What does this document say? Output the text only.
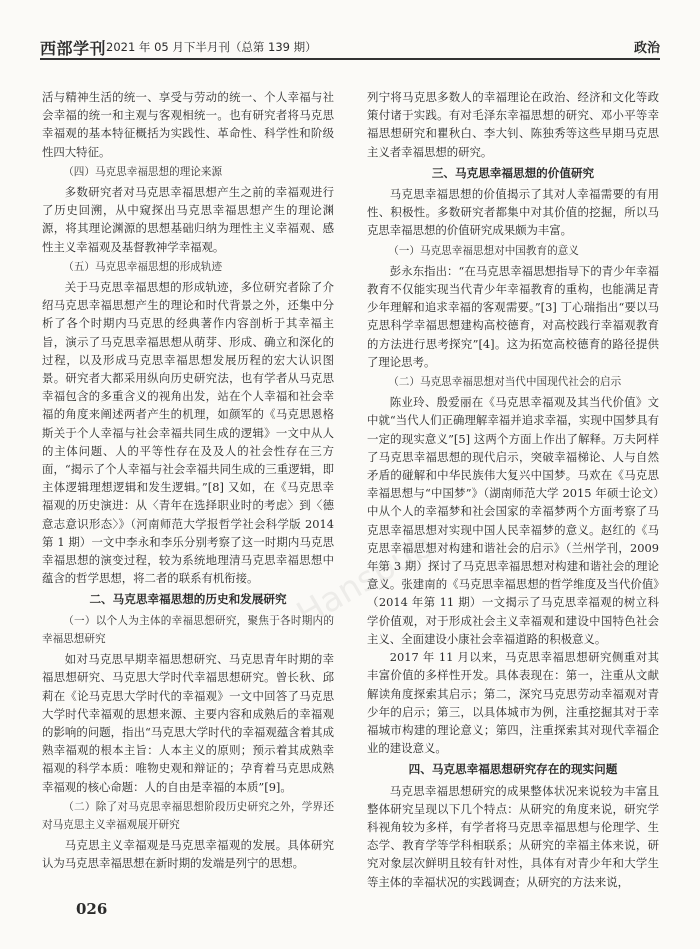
西部学刊 2021 年 05 月下半月刊（总第 139 期）	政治

活与精神生活的统一、享受与劳动的统一、个人幸福与社会幸福的统一和主观与客观相统一。也有研究者将马克思幸福观的基本特征概括为实践性、革命性、科学性和阶级性四大特征。

（四）马克思幸福思想的理论来源

多数研究者对马克思幸福思想产生之前的幸福观进行了历史回溯，从中窥探出马克思幸福思想产生的理论渊源，将其理论渊源的思想基础归纳为理性主义幸福观、感性主义幸福观及基督教神学幸福观。

（五）马克思幸福思想的形成轨迹

关于马克思幸福思想的形成轨迹，多位研究者除了介绍马克思幸福思想产生的理论和时代背景之外，还集中分析了各个时期内马克思的经典著作内容剖析于其幸福主旨，演示了马克思幸福思想从萌芽、形成、确立和深化的过程，以及形成马克思幸福思想发展历程的宏大认识图景。研究者大都采用纵向历史研究法，也有学者从马克思幸福包含的多重含义的视角出发，站在个人幸福和社会幸福的角度来阐述两者产生的机理，如颜军的《马克思恩格斯关于个人幸福与社会幸福共同生成的逻辑》一文中从人的主体问题、人的平等性存在及及人的社会性存在三方面，“揭示了个人幸福与社会幸福共同生成的三重逻辑，即主体逻辑理想逻辑和发生逻辑。”[8] 又如，在《马克思幸福观的历史演进：从〈青年在选择职业时的考虑〉到〈德意志意识形态〉》（河南师范大学报哲学社会科学版 2014 第 1 期）一文中李永和李乐分别考察了这一时期内马克思幸福思想的演变过程，较为系统地理清马克思幸福思想中蕴含的哲学思想，将二者的联系有机衔接。

二、马克思幸福思想的历史和发展研究

（一）以个人为主体的幸福思想研究，聚焦于各时期内的幸福思想研究

如对马克思早期幸福思想研究、马克思青年时期的幸福思想研究、马克思大学时代幸福思想研究。曾长秋、邱莉在《论马克思大学时代的幸福观》一文中回答了马克思大学时代幸福观的思想来源、主要内容和成熟后的幸福观的影响的问题，指出“马克思大学时代的幸福观蕴含着其成熟幸福观的根本主旨：人本主义的原则；预示着其成熟幸福观的科学本质：唯物史观和辩证的；孕育着马克思成熟幸福观的核心命题：人的自由是幸福的本质”[9]。

（二）除了对马克思幸福思想阶段历史研究之外，学界还对马克思主义幸福观展开研究

马克思主义幸福观是马克思幸福观的发展。具体研究认为马克思幸福思想在新时期的发端是列宁的思想。

列宁将马克思多数人的幸福理论在政治、经济和文化等政策付诸于实践。有对毛泽东幸福思想的研究、邓小平等幸福思想研究和瞿秋白、李大钊、陈独秀等这些早期马克思主义者幸福思想的研究。

三、马克思幸福思想的价值研究

马克思幸福思想的价值揭示了其对人幸福需要的有用性、积极性。多数研究者都集中对其价值的挖掘，所以马克思幸福思想的价值研究成果颇为丰富。

（一）马克思幸福思想对中国教育的意义

彭永东指出：“在马克思幸福思想指导下的青少年幸福教育不仅能实现当代青少年幸福教育的重构，也能满足青少年理解和追求幸福的客观需要。”[3] 丁心瑞指出“要以马克思科学幸福思想建构高校德育，对高校践行幸福观教育的方法进行思考探究”[4]。这为拓宽高校德育的路径提供了理论思考。

（二）马克思幸福思想对当代中国现代社会的启示

陈业玲、殷爱丽在《马克思幸福观及其当代价值》文中就“当代人们正确理解幸福并追求幸福，实现中国梦具有一定的现实意义”[5] 这两个方面上作出了解释。万夫阿样了马克思幸福思想的现代启示，突破幸福梯论、人与自然矛盾的碰解和中华民族伟大复兴中国梦。马欢在《马克思幸福思想与“中国梦”》（湖南师范大学 2015 年硕士论文）中从个人的幸福梦和社会国家的幸福梦两个方面考察了马克思幸福思想对实现中国人民幸福梦的意义。赵红的《马克思幸福思想对构建和谐社会的启示》（兰州学刊，2009 年第 3 期）探讨了马克思幸福思想对构建和谐社会的理论意义。张建南的《马克思幸福思想的哲学维度及当代价值》（2014 年第 11 期）一文揭示了马克思幸福观的树立科学价值观，对于形成社会主义幸福观和建设中国特色社会主义、全面建设小康社会幸福道路的积极意义。

2017 年 11 月以来，马克思幸福思想研究侧重对其丰富价值的多样性开发。具体表现在：第一，注重从文献解读角度探索其启示；第二，深究马克思劳动幸福观对青少年的启示；第三，以具体城市为例，注重挖掘其对于幸福城市构建的理论意义；第四，注重探索其对现代幸福企业的建设意义。

四、马克思幸福思想研究存在的现实问题

马克思幸福思想研究的成果整体状况来说较为丰富且整体研究呈现以下几个特点：从研究的角度来说，研究学科视角较为多样，有学者将马克思幸福思想与伦理学、生态学、教育学等学科相联系；从研究的幸福主体来说，研究对象层次鲜明且较有针对性，具体有对青少年和大学生等主体的幸福状况的实践调查；从研究的方法来说，

Hanspub
026
